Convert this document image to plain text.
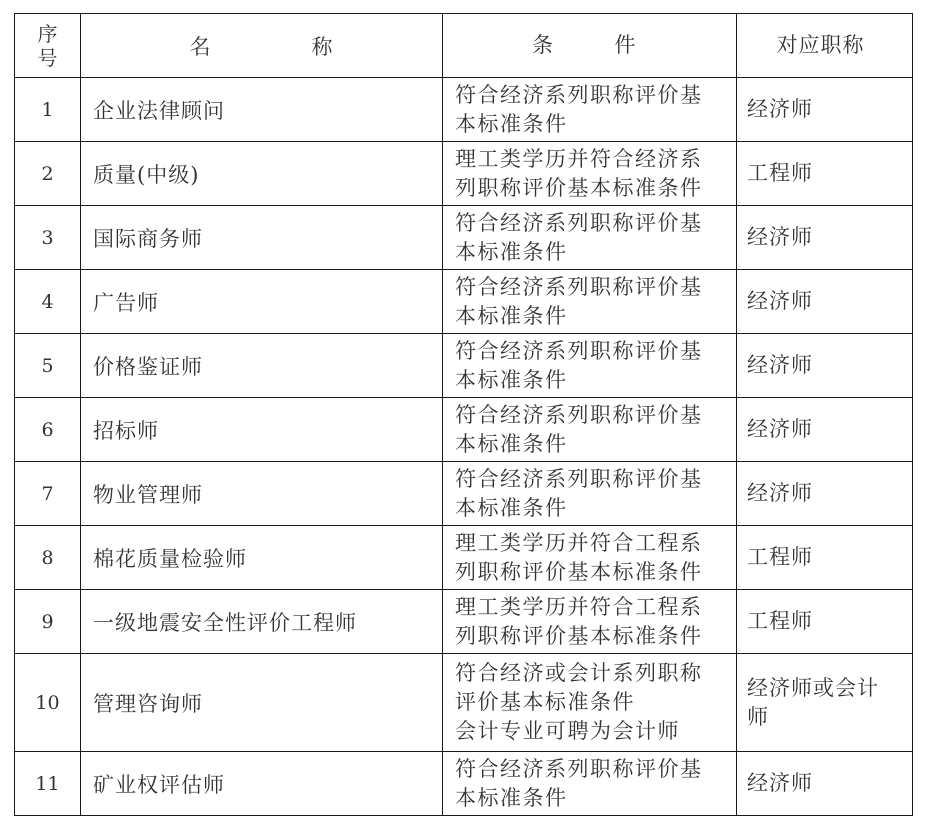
序号	名 称	条 件	对应职称
1	企业法律顾问	符合经济系列职称评价基
本标准条件	经济师

2	质量(中级)	理工类学历并符合经济系
列职称评价基本标准条件	工程师

3	国际商务师	符合经济系列职称评价基
本标准条件	经济师

4	广告师	符合经济系列职称评价基
本标准条件	经济师

5	价格鉴证师	符合经济系列职称评价基
本标准条件	经济师

6	招标师	符合经济系列职称评价基
本标准条件	经济师

7	物业管理师	符合经济系列职称评价基
本标准条件	经济师

8	棉花质量检验师	理工类学历并符合工程系
列职称评价基本标准条件	工程师

9	一级地震安全性评价工程师	理工类学历并符合工程系
列职称评价基本标准条件	工程师

10	管理咨询师	符合经济或会计系列职称
评价基本标准条件
会计专业可聘为会计师	经济师或会计
师

11	矿业权评估师	符合经济系列职称评价基
本标准条件	经济师
